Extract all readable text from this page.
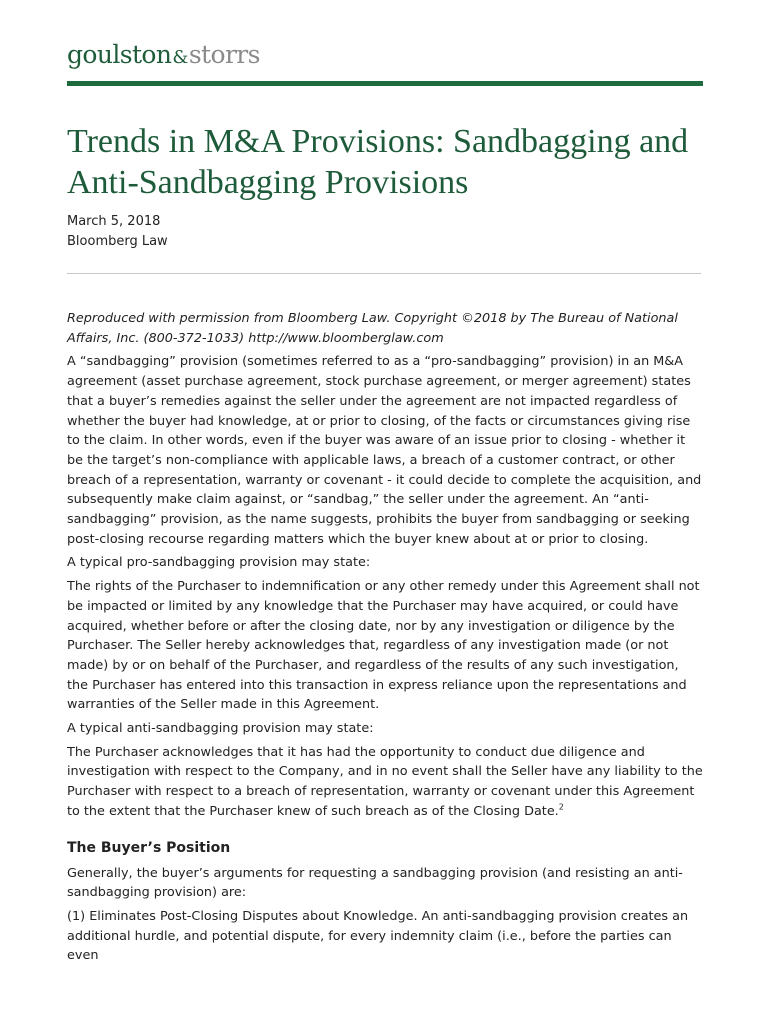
goulston&storrs
Trends in M&A Provisions: Sandbagging and Anti-Sandbagging Provisions
March 5, 2018
Bloomberg Law

Reproduced with permission from Bloomberg Law. Copyright ©2018 by The Bureau of National Affairs, Inc. (800-372-1033) http://www.bloomberglaw.com

A “sandbagging” provision (sometimes referred to as a “pro-sandbagging” provision) in an M&A agreement (asset purchase agreement, stock purchase agreement, or merger agreement) states that a buyer’s remedies against the seller under the agreement are not impacted regardless of whether the buyer had knowledge, at or prior to closing, of the facts or circumstances giving rise to the claim. In other words, even if the buyer was aware of an issue prior to closing - whether it be the target’s non-compliance with applicable laws, a breach of a customer contract, or other breach of a representation, warranty or covenant - it could decide to complete the acquisition, and subsequently make claim against, or “sandbag,” the seller under the agreement. An “anti-sandbagging” provision, as the name suggests, prohibits the buyer from sandbagging or seeking post-closing recourse regarding matters which the buyer knew about at or prior to closing.

A typical pro-sandbagging provision may state:

The rights of the Purchaser to indemnification or any other remedy under this Agreement shall not be impacted or limited by any knowledge that the Purchaser may have acquired, or could have acquired, whether before or after the closing date, nor by any investigation or diligence by the Purchaser. The Seller hereby acknowledges that, regardless of any investigation made (or not made) by or on behalf of the Purchaser, and regardless of the results of any such investigation, the Purchaser has entered into this transaction in express reliance upon the representations and warranties of the Seller made in this Agreement.

A typical anti-sandbagging provision may state:

The Purchaser acknowledges that it has had the opportunity to conduct due diligence and investigation with respect to the Company, and in no event shall the Seller have any liability to the Purchaser with respect to a breach of representation, warranty or covenant under this Agreement to the extent that the Purchaser knew of such breach as of the Closing Date.$^2$

The Buyer’s Position

Generally, the buyer’s arguments for requesting a sandbagging provision (and resisting an anti-sandbagging provision) are:

(1) Eliminates Post-Closing Disputes about Knowledge. An anti-sandbagging provision creates an additional hurdle, and potential dispute, for every indemnity claim (i.e., before the parties can even
